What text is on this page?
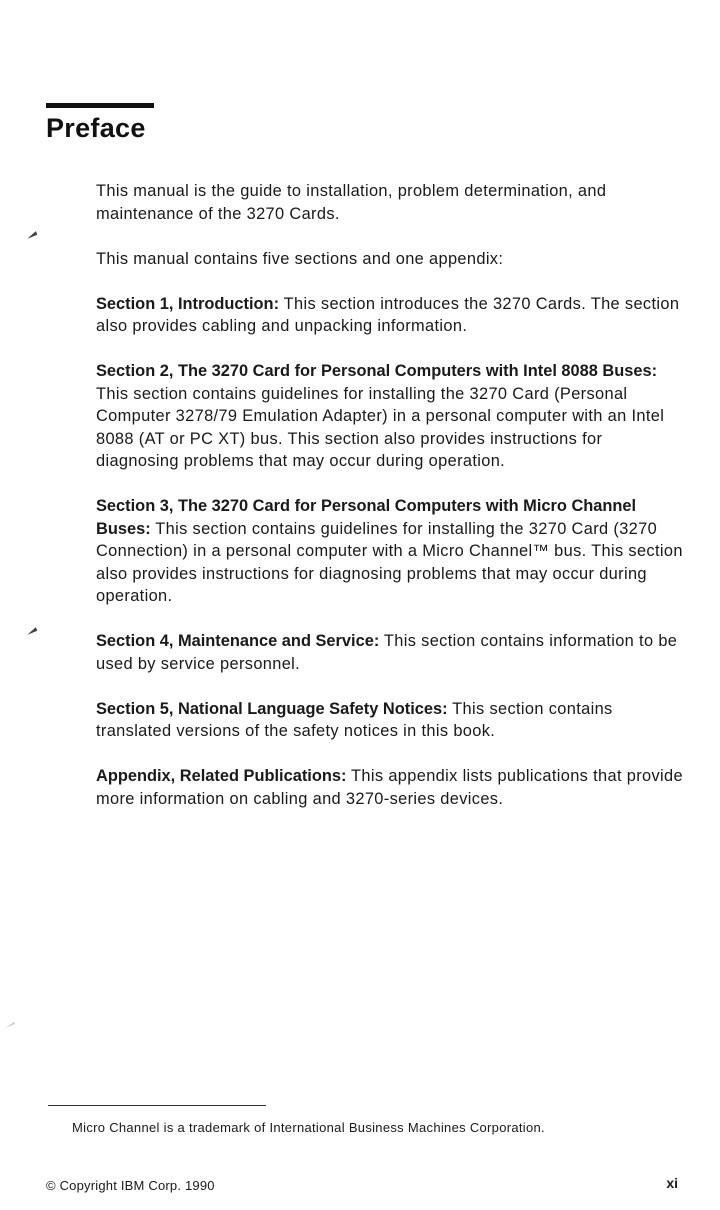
Preface

This manual is the guide to installation, problem determination, and maintenance of the 3270 Cards.

This manual contains five sections and one appendix:

Section 1, Introduction: This section introduces the 3270 Cards. The section also provides cabling and unpacking information.

Section 2, The 3270 Card for Personal Computers with Intel 8088 Buses: This section contains guidelines for installing the 3270 Card (Personal Computer 3278/79 Emulation Adapter) in a personal computer with an Intel 8088 (AT or PC XT) bus. This section also provides instructions for diagnosing problems that may occur during operation.

Section 3, The 3270 Card for Personal Computers with Micro Channel Buses: This section contains guidelines for installing the 3270 Card (3270 Connection) in a personal computer with a Micro Channel™ bus. This section also provides instructions for diagnosing problems that may occur during operation.

Section 4, Maintenance and Service: This section contains information to be used by service personnel.

Section 5, National Language Safety Notices: This section contains translated versions of the safety notices in this book.

Appendix, Related Publications: This appendix lists publications that provide more information on cabling and 3270-series devices.

Micro Channel is a trademark of International Business Machines Corporation.
© Copyright IBM Corp. 1990	xi
